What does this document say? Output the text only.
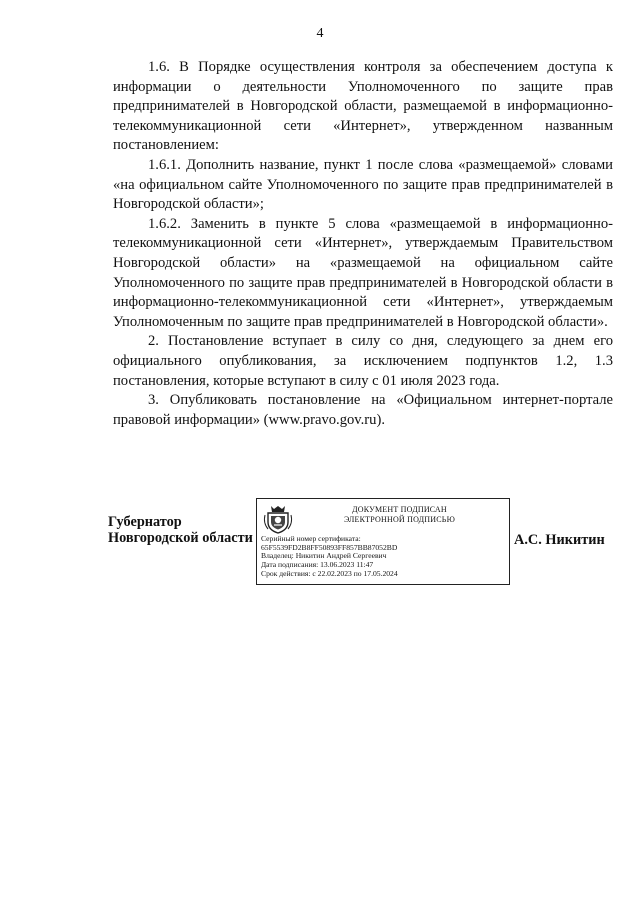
4

1.6. В Порядке осуществления контроля за обеспечением доступа к информации о деятельности Уполномоченного по защите прав предпринимателей в Новгородской области, размещаемой в информационно-телекоммуникационной сети «Интернет», утвержденном названным постановлением:

1.6.1. Дополнить название, пункт 1 после слова «размещаемой» словами «на официальном сайте Уполномоченного по защите прав предпринимателей в Новгородской области»;

1.6.2. Заменить в пункте 5 слова «размещаемой в информационно-телекоммуникационной сети «Интернет», утверждаемым Правительством Новгородской области» на «размещаемой на официальном сайте Уполномоченного по защите прав предпринимателей в Новгородской области в информационно-телекоммуникационной сети «Интернет», утверждаемым Уполномоченным по защите прав предпринимателей в Новгородской области».

2. Постановление вступает в силу со дня, следующего за днем его официального опубликования, за исключением подпунктов 1.2, 1.3 постановления, которые вступают в силу с 01 июля 2023 года.

3. Опубликовать постановление на «Официальном интернет-портале правовой информации» (www.pravo.gov.ru).

Губернатор
Новгородской области
ДОКУМЕНТ ПОДПИСАН
ЭЛЕКТРОННОЙ ПОДПИСЬЮ
Серийный номер сертификата:
65F5539FD2B8FF50893FF857BB87052BD
Владелец: Никитин Андрей Сергеевич
Дата подписания: 13.06.2023 11:47
Срок действия: с 22.02.2023 по 17.05.2024
А.С. Никитин
